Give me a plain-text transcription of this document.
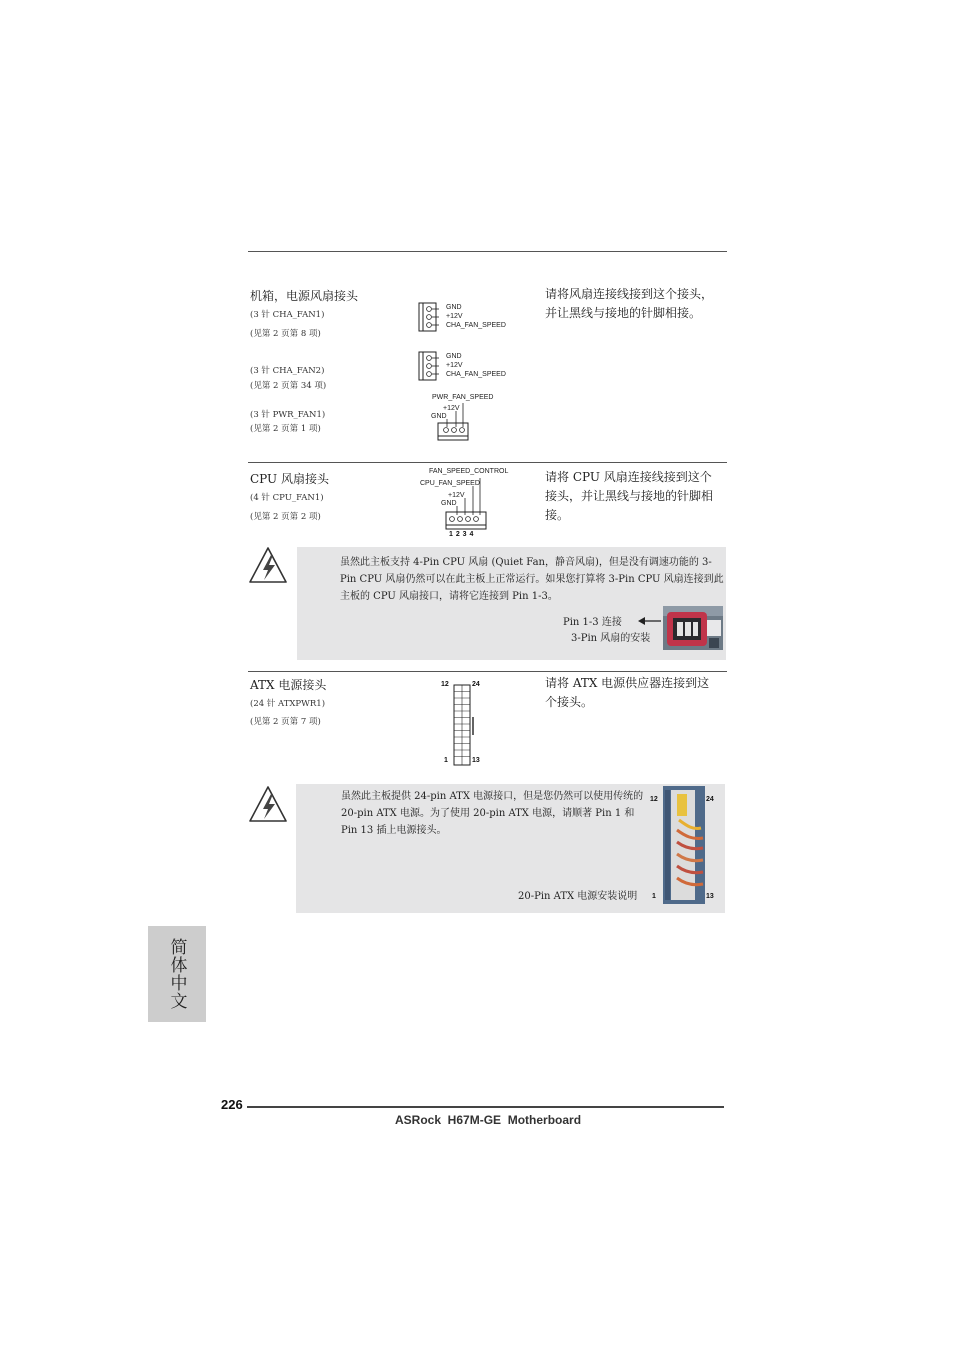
机箱，电源风扇接头
(3 针 CHA_FAN1)
(见第 2 页第 8 项)
(3 针 CHA_FAN2)
(见第 2 页第 34 项)
(3 针 PWR_FAN1)
(见第 2 页第 1 项)
请将风扇连接线接到这个接头，并让黑线与接地的针脚相接。
GND
+12V
CHA_FAN_SPEED
GND
+12V
CHA_FAN_SPEED
PWR_FAN_SPEED
+12V
GND
CPU 风扇接头
(4 针 CPU_FAN1)
(见第 2 页第 2 项)
请将 CPU 风扇连接线接到这个接头，并让黑线与接地的针脚相接。
FAN_SPEED_CONTROL
CPU_FAN_SPEED
+12V
GND
1 2 3 4
虽然此主板支持 4-Pin CPU 风扇 (Quiet Fan，静音风扇)，但是没有调速功能的 3-Pin CPU 风扇仍然可以在此主板上正常运行。如果您打算将 3-Pin CPU 风扇连接到此主板的 CPU 风扇接口，请将它连接到 Pin 1-3。
Pin 1-3 连接
3-Pin 风扇的安装
ATX 电源接头
(24 针 ATXPWR1)
(见第 2 页第 7 项)
请将 ATX 电源供应器连接到这个接头。
12	24
1	13
虽然此主板提供 24-pin ATX 电源接口，但是您仍然可以使用传统的 20-pin ATX 电源。为了使用 20-pin ATX 电源，请顺著 Pin 1 和 Pin 13 插上电源接头。
20-Pin ATX 电源安装说明
12	24
1	13
简体中文
226
ASRock  H67M-GE  Motherboard
